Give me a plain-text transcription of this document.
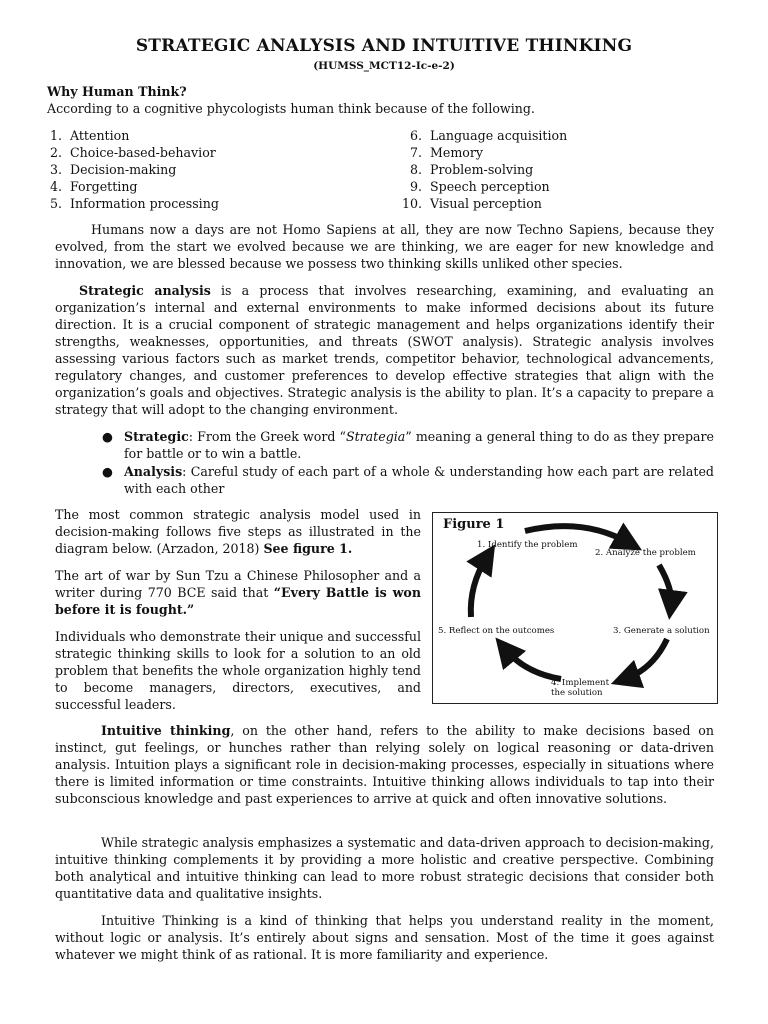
STRATEGIC ANALYSIS AND INTUITIVE THINKING
(HUMSS_MCT12-Ic-e-2)
Why Human Think?
According to a cognitive phycologists human think because of the following.
1. Attention
2. Choice-based-behavior
3. Decision-making
4. Forgetting
5. Information processing
6. Language acquisition
7. Memory
8. Problem-solving
9. Speech perception
10. Visual perception
Humans now a days are not Homo Sapiens at all, they are now Techno Sapiens, because they evolved, from the start we evolved because we are thinking, we are eager for new knowledge and innovation, we are blessed because we possess two thinking skills unliked other species.
Strategic analysis is a process that involves researching, examining, and evaluating an organization’s internal and external environments to make informed decisions about its future direction. It is a crucial component of strategic management and helps organizations identify their strengths, weaknesses, opportunities, and threats (SWOT analysis). Strategic analysis involves assessing various factors such as market trends, competitor behavior, technological advancements, regulatory changes, and customer preferences to develop effective strategies that align with the organization’s goals and objectives. Strategic analysis is the ability to plan. It’s a capacity to prepare a strategy that will adopt to the changing environment.
● Strategic: From the Greek word “Strategia” meaning a general thing to do as they prepare for battle or to win a battle.
● Analysis: Careful study of each part of a whole & understanding how each part are related with each other
The most common strategic analysis model used in decision-making follows five steps as illustrated in the diagram below. (Arzadon, 2018) See figure 1.
The art of war by Sun Tzu a Chinese Philosopher and a writer during 770 BCE said that “Every Battle is won before it is fought.”
Individuals who demonstrate their unique and successful strategic thinking skills to look for a solution to an old problem that benefits the whole organization highly tend to become managers, directors, executives, and successful leaders.
Figure 1
1. Identify the problem
2. Analyze the problem
3. Generate a solution
4. Implement
the solution
5. Reflect on the outcomes
Intuitive thinking, on the other hand, refers to the ability to make decisions based on instinct, gut feelings, or hunches rather than relying solely on logical reasoning or data-driven analysis. Intuition plays a significant role in decision-making processes, especially in situations where there is limited information or time constraints. Intuitive thinking allows individuals to tap into their subconscious knowledge and past experiences to arrive at quick and often innovative solutions.
While strategic analysis emphasizes a systematic and data-driven approach to decision-making, intuitive thinking complements it by providing a more holistic and creative perspective. Combining both analytical and intuitive thinking can lead to more robust strategic decisions that consider both quantitative data and qualitative insights.
Intuitive Thinking is a kind of thinking that helps you understand reality in the moment, without logic or analysis. It’s entirely about signs and sensation. Most of the time it goes against whatever we might think of as rational. It is more familiarity and experience.
